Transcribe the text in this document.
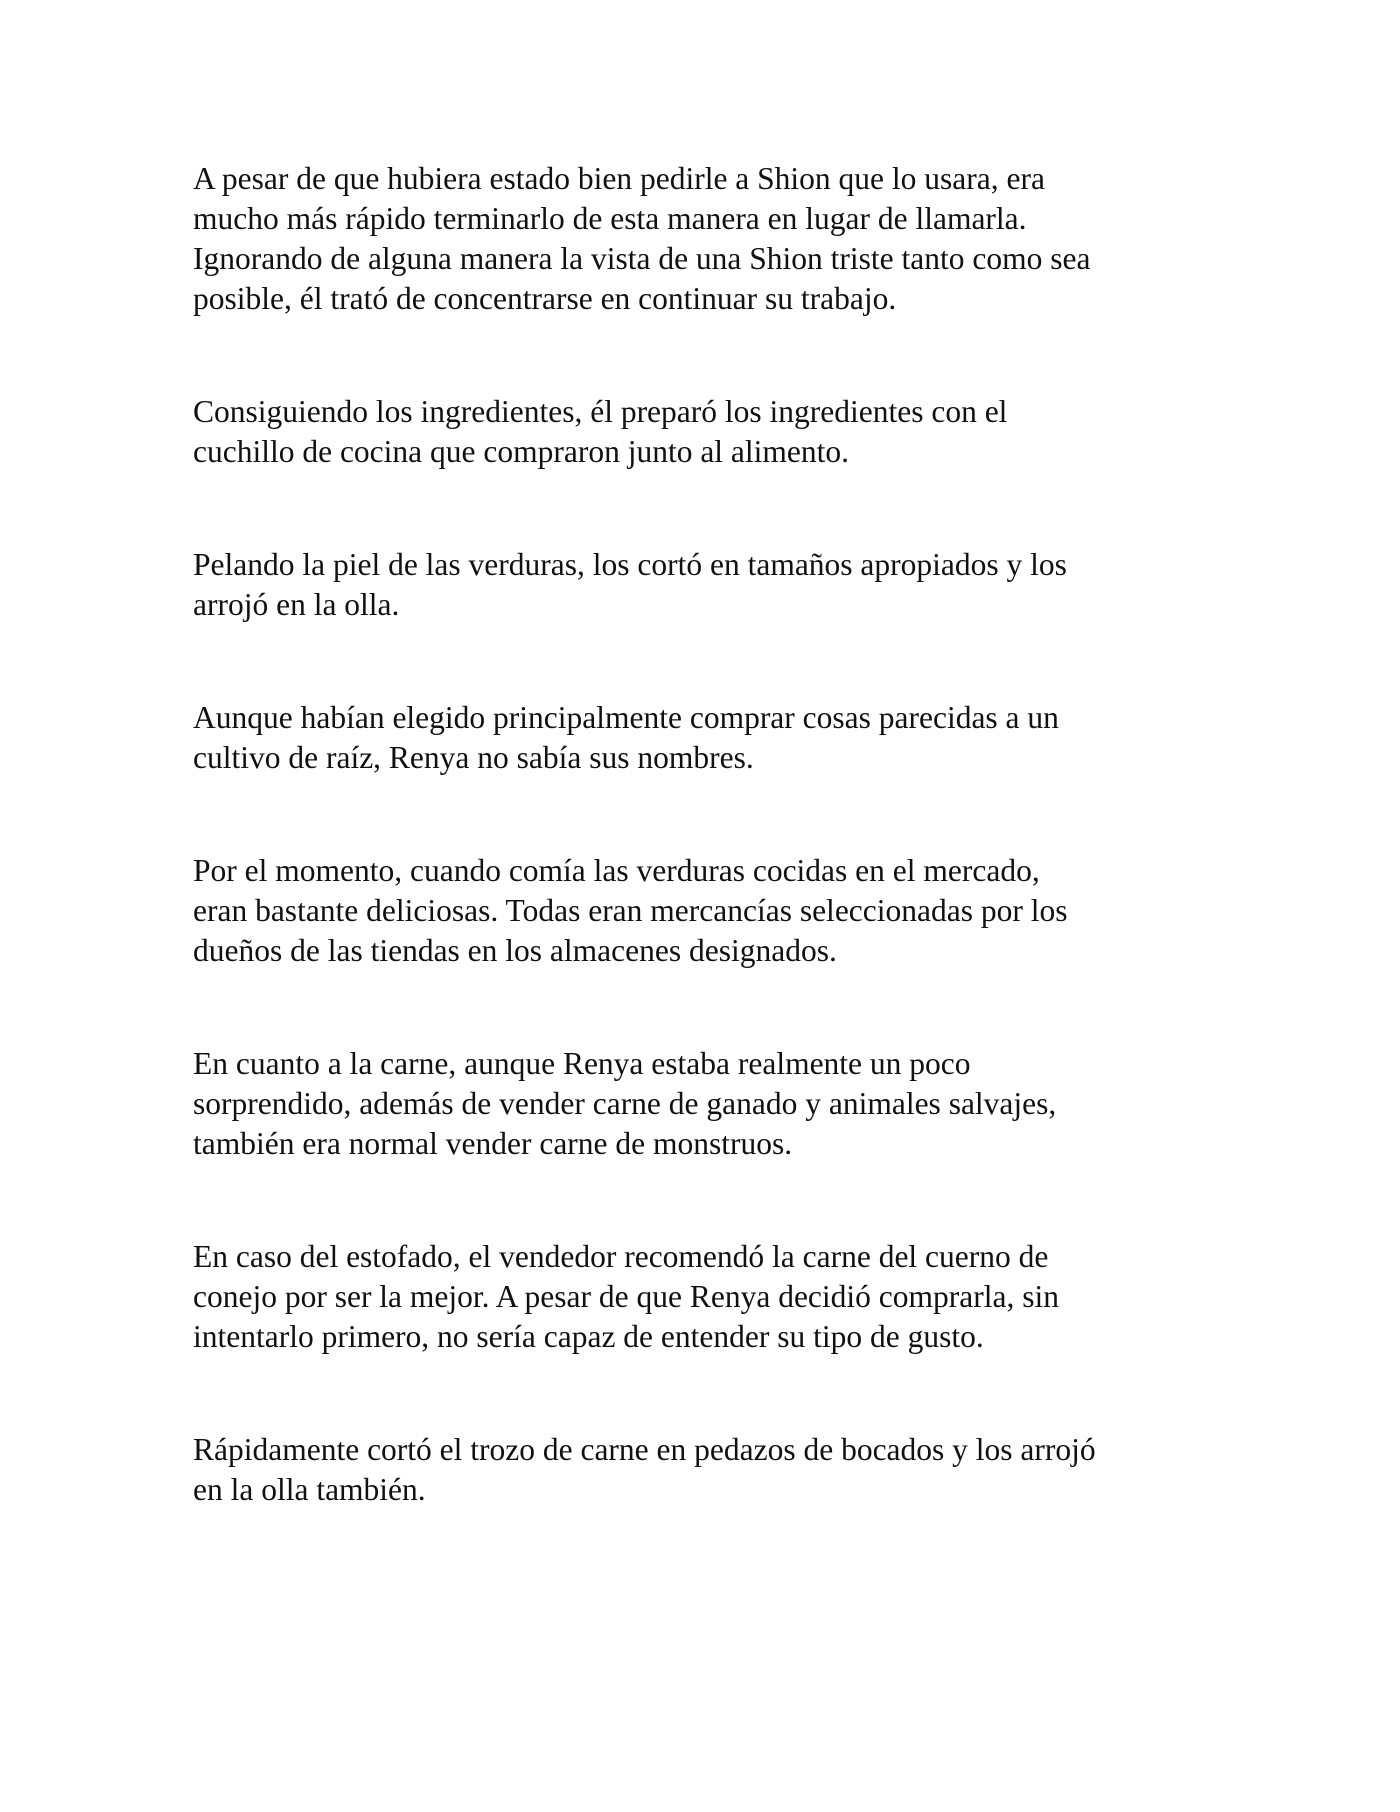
A pesar de que hubiera estado bien pedirle a Shion que lo usara, era
mucho más rápido terminarlo de esta manera en lugar de llamarla.
Ignorando de alguna manera la vista de una Shion triste tanto como sea
posible, él trató de concentrarse en continuar su trabajo.

Consiguiendo los ingredientes, él preparó los ingredientes con el
cuchillo de cocina que compraron junto al alimento.

Pelando la piel de las verduras, los cortó en tamaños apropiados y los
arrojó en la olla.

Aunque habían elegido principalmente comprar cosas parecidas a un
cultivo de raíz, Renya no sabía sus nombres.

Por el momento, cuando comía las verduras cocidas en el mercado,
eran bastante deliciosas. Todas eran mercancías seleccionadas por los
dueños de las tiendas en los almacenes designados.

En cuanto a la carne, aunque Renya estaba realmente un poco
sorprendido, además de vender carne de ganado y animales salvajes,
también era normal vender carne de monstruos.

En caso del estofado, el vendedor recomendó la carne del cuerno de
conejo por ser la mejor. A pesar de que Renya decidió comprarla, sin
intentarlo primero, no sería capaz de entender su tipo de gusto.

Rápidamente cortó el trozo de carne en pedazos de bocados y los arrojó
en la olla también.
